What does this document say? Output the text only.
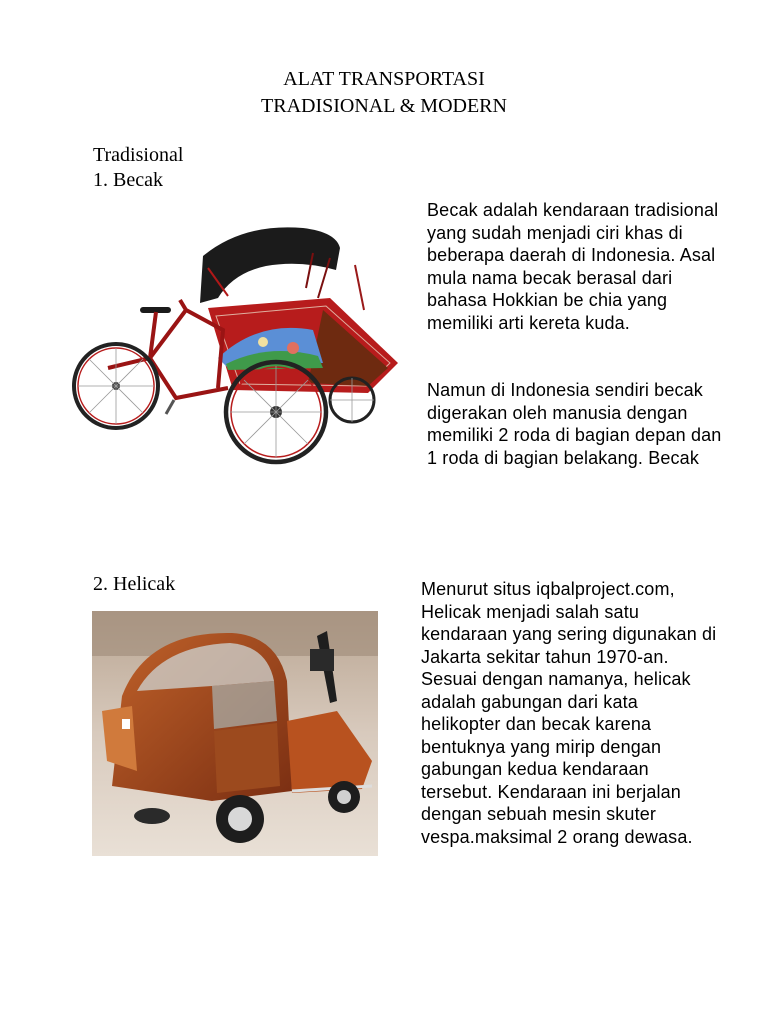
ALAT TRANSPORTASI
TRADISIONAL & MODERN
Tradisional
1. Becak

Becak adalah kendaraan tradisional yang sudah menjadi ciri khas di beberapa daerah di Indonesia. Asal mula nama becak berasal dari bahasa Hokkian be chia yang memiliki arti kereta kuda.

Namun di Indonesia sendiri becak digerakan oleh manusia dengan memiliki 2 roda di bagian depan dan 1 roda di bagian belakang. Becak

2. Helicak	Menurut situs iqbalproject.com, Helicak menjadi salah satu kendaraan yang sering digunakan di Jakarta sekitar tahun 1970-an. Sesuai dengan namanya, helicak adalah gabungan dari kata helikopter dan becak karena bentuknya yang mirip dengan gabungan kedua kendaraan tersebut. Kendaraan ini berjalan dengan sebuah mesin skuter vespa.maksimal 2 orang dewasa.
